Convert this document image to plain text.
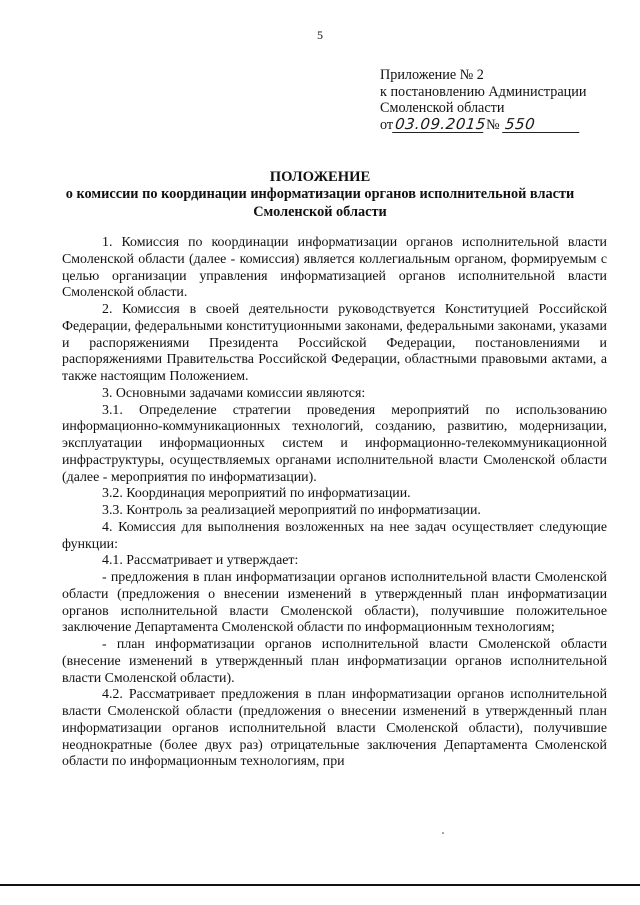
5
Приложение № 2
к постановлению Администрации
Смоленской области
от 03.09.2015 № 550
ПОЛОЖЕНИЕ
о комиссии по координации информатизации органов исполнительной власти
Смоленской области

1. Комиссия по координации информатизации органов исполнительной власти Смоленской области (далее - комиссия) является коллегиальным органом, формируемым с целью организации управления информатизацией органов исполнительной власти Смоленской области.

2. Комиссия в своей деятельности руководствуется Конституцией Российской Федерации, федеральными конституционными законами, федеральными законами, указами и распоряжениями Президента Российской Федерации, постановлениями и распоряжениями Правительства Российской Федерации, областными правовыми актами, а также настоящим Положением.

3. Основными задачами комиссии являются:

3.1. Определение стратегии проведения мероприятий по использованию информационно-коммуникационных технологий, созданию, развитию, модернизации, эксплуатации информационных систем и информационно-телекоммуникационной инфраструктуры, осуществляемых органами исполнительной власти Смоленской области (далее - мероприятия по информатизации).

3.2. Координация мероприятий по информатизации.

3.3. Контроль за реализацией мероприятий по информатизации.

4. Комиссия для выполнения возложенных на нее задач осуществляет следующие функции:

4.1. Рассматривает и утверждает:

- предложения в план информатизации органов исполнительной власти Смоленской области (предложения о внесении изменений в утвержденный план информатизации органов исполнительной власти Смоленской области), получившие положительное заключение Департамента Смоленской области по информационным технологиям;

- план информатизации органов исполнительной власти Смоленской области (внесение изменений в утвержденный план информатизации органов исполнительной власти Смоленской области).

4.2. Рассматривает предложения в план информатизации органов исполнительной власти Смоленской области (предложения о внесении изменений в утвержденный план информатизации органов исполнительной власти Смоленской области), получившие неоднократные (более двух раз) отрицательные заключения Департамента Смоленской области по информационным технологиям, при
